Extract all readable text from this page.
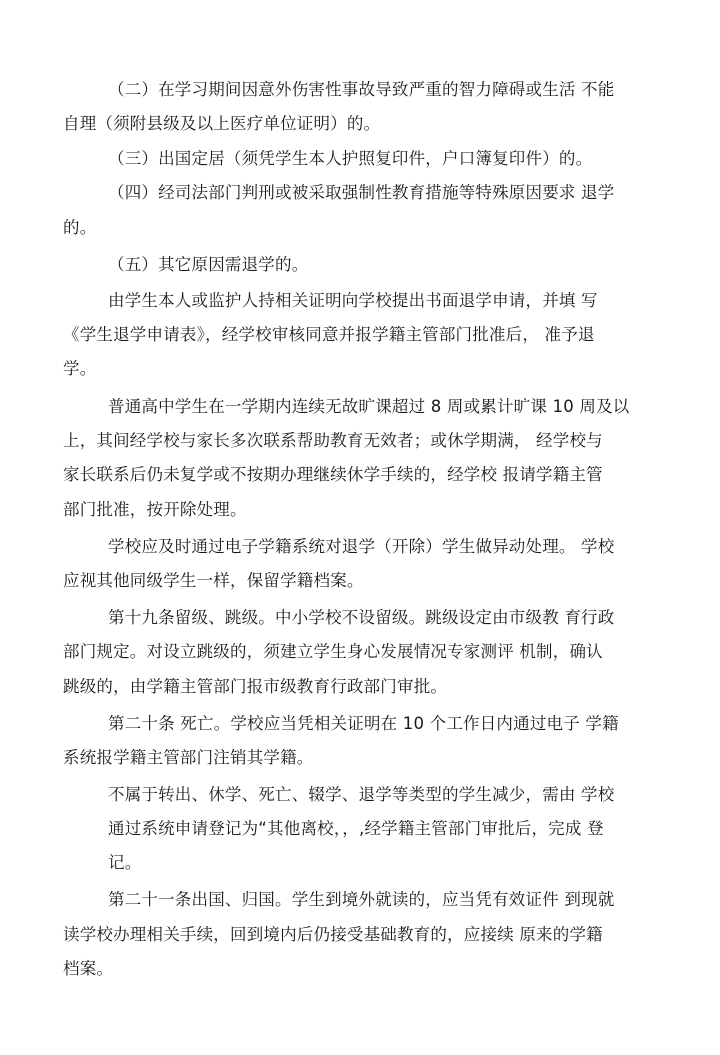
（二）在学习期间因意外伤害性事故导致严重的智力障碍或生活 不能
自理（须附县级及以上医疗单位证明）的。
（三）出国定居（须凭学生本人护照复印件，户口簿复印件）的。
（四）经司法部门判刑或被采取强制性教育措施等特殊原因要求 退学
的。
（五）其它原因需退学的。
由学生本人或监护人持相关证明向学校提出书面退学申请，并填 写
《学生退学申请表》，经学校审核同意并报学籍主管部门批准后， 准予退
学。
普通高中学生在一学期内连续无故旷课超过 8 周或累计旷课 10 周及以
上，其间经学校与家长多次联系帮助教育无效者；或休学期满， 经学校与
家长联系后仍未复学或不按期办理继续休学手续的，经学校 报请学籍主管
部门批准，按开除处理。
学校应及时通过电子学籍系统对退学（开除）学生做异动处理。 学校
应视其他同级学生一样，保留学籍档案。
第十九条留级、跳级。中小学校不设留级。跳级设定由市级教 育行政
部门规定。对设立跳级的，须建立学生身心发展情况专家测评 机制，确认
跳级的，由学籍主管部门报市级教育行政部门审批。
第二十条 死亡。学校应当凭相关证明在 10 个工作日内通过电子 学籍
系统报学籍主管部门注销其学籍。
不属于转出、休学、死亡、辍学、退学等类型的学生减少，需由 学校
通过系统申请登记为“其他离校，，,经学籍主管部门审批后，完成 登
记。
第二十一条出国、归国。学生到境外就读的，应当凭有效证件 到现就
读学校办理相关手续，回到境内后仍接受基础教育的，应接续 原来的学籍
档案。
